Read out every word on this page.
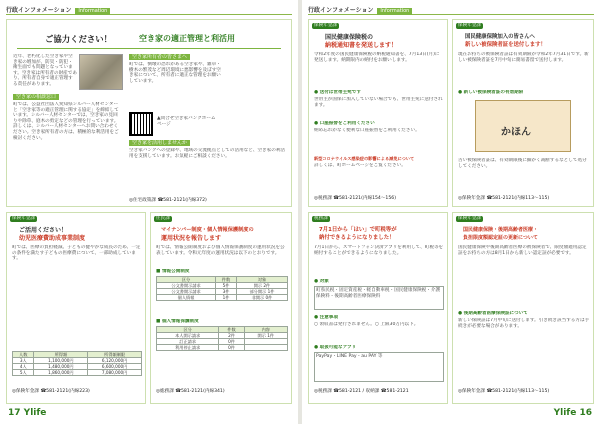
行政インフォメーション Information
ご協力ください！	空き家の適正管理と利活用
近年、老朽化した空き家や空き家の増加が、防災・防犯・衛生面でも問題となっています。空き家は所有者の財産であり、所有者自身で適正管理する責任があります。
空き家の相談窓口
町では、公益社団法人愛知県シルバー人材センターと「空き家等の適正管理に関する協定」を締結しています。シルバー人材センターでは、空き家の見回りや除草、庭木の剪定などの管理を行っています。詳しくは、シルバー人材センターへお問い合わせください。空き家所有者の方は、積極的な利活用をご検討ください。
空き家所有者の皆さまへ
町では、倒壊の恐れがある空き家や、雑草・樹木の繁茂など周辺環境に悪影響を及ぼす空き家について、所有者に適正な管理をお願いしています。
▲問合せ空き家バンクホームページ
空き家を活用しませんか
空き家バンクへの登録や、地域の交流拠点としての活用など、空き家の利活用を支援しています。お気軽にご相談ください。
◎住宅政策課 ☎581-2121(内線372)
保険年金課
ご活用ください！
幼児医療費助成事業制度
町では、医療の負担軽減、子どもの健やかな成長のため、一定の条件を満たす子どもの医療費について、一部助成しています。
人数	所得額	所得額制限
3人	1,100,000円	6,120,000円
4人	1,480,000円	6,600,000円
5人	1,860,000円	7,080,000円
◎保険年金課 ☎581-2121(内線223)
住民課
マイナンバー制度・個人情報保護制度の
運用状況を報告します
町では、情報公開制度および個人情報保護制度の運用状況を公表しています。令和元年度の運用状況は以下のとおりです。
■ 情報公開制度
区分	件数	対象
公文書開示請求	5件	開示 2件
公文書開示請求	3件	部分開示 1件
個人情報	1件	非開示 0件
■ 個人情報保護制度
区分	件数	内容
本人開示請求	2件	開示 1件
訂正請求	0件	
利用停止請求	0件	
◎総務課 ☎581-2121(内線341)
17 Ylife
行政インフォメーション Information
保険年金課
国民健康保険税の
納税通知書を発送します！
令和2年度の国民健康保険税の納税通知書を、7月13日(月)に発送します。納期限内の納付をお願いします。
● 送付は世帯主宛です
世帯主が国保に加入していない場合でも、世帯主宛に送付されます。
● 口座振替をご利用ください
納め忘れがなく便利な口座振替をご利用ください。
新型コロナウイルス感染症の影響による減免について
詳しくは、町ホームページをご覧ください。
◎税務課 ☎581-2121(内線154〜156)
保険年金課
国民健康保険加入の皆さんへ
新しい被保険者証を送付します！
現在お持ちの被保険者証は有効期限が令和2年7月31日です。新しい被保険者証を7月中旬に簡易書留で送付します。
● 新しい被保険者証の有効期限
かほん
古い被保険者証は、有効期限後に細かく裁断するなどして処分してください。
◎保険年金課 ☎581-2121(内線113〜115)
税務課
7月1日から「はい」で町税等が
納付できるようになりました！
7月1日から、スマートフォン決済アプリを利用して、町税等を納付することができるようになりました。
● 対象
町県民税・固定資産税・軽自動車税・国民健康保険税・介護保険料・後期高齢者医療保険料
● 注意事項
○ 領収書は発行されません。○ 上限30万円以下。
● 取扱可能なアプリ
PayPay・LINE Pay・au PAY 等
◎税務課 ☎581-2121 / 収納課 ☎581-2121
保険年金課
国民健康保険・後期高齢者医療・
負担限度額認定証の更新について
国民健康保険や後期高齢者医療の被保険者で、限度額適用認定証をお持ちの方は8月1日から新しい認定証が必要です。
● 後期高齢者医療保険証について
新しい保険証は7月中旬に送付します。引き続き該当する方は手続きが必要な場合があります。
◎保険年金課 ☎581-2121(内線113〜115)
Ylife 16
